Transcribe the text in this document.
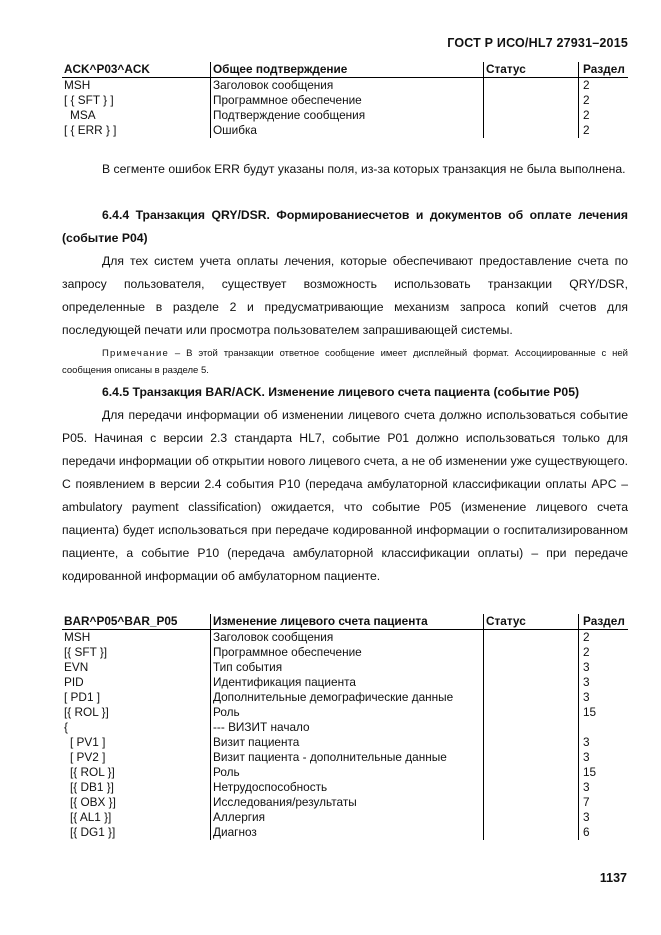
ГОСТ Р ИСО/HL7 27931–2015
ACK^P03^ACK	Общее подтверждение	Статус	Раздел
MSH	Заголовок сообщения		2
[ { SFT } ]	Программное обеспечение		2
MSA	Подтверждение сообщения		2
[ { ERR } ]	Ошибка		2
В сегменте ошибок ERR будут указаны поля, из-за которых транзакция не была выполнена.
6.4.4 Транзакция QRY/DSR. Формированиесчетов и документов об оплате лечения (событие P04)
Для тех систем учета оплаты лечения, которые обеспечивают предоставление счета по запросу пользователя, существует возможность использовать транзакции QRY/DSR, определенные в разделе 2 и предусматривающие механизм запроса копий счетов для последующей печати или просмотра пользователем запрашивающей системы.
Примечание – В этой транзакции ответное сообщение имеет дисплейный формат. Ассоциированные с ней сообщения описаны в разделе 5.
6.4.5 Транзакция BAR/ACK. Изменение лицевого счета пациента (событие P05)
Для передачи информации об изменении лицевого счета должно использоваться событие P05. Начиная с версии 2.3 стандарта HL7, событие P01 должно использоваться только для передачи информации об открытии нового лицевого счета, а не об изменении уже существующего. С появлением в версии 2.4 события P10 (передача амбулаторной классификации оплаты APC – ambulatory payment classification) ожидается, что событие P05 (изменение лицевого счета пациента) будет использоваться при передаче кодированной информации о госпитализированном пациенте, а событие P10 (передача амбулаторной классификации оплаты) – при передаче кодированной информации об амбулаторном пациенте.
BAR^P05^BAR_P05	Изменение лицевого счета пациента	Статус	Раздел
MSH	Заголовок сообщения		2
[{ SFT }]	Программное обеспечение		2
EVN	Тип события		3
PID	Идентификация пациента		3
[ PD1 ]	Дополнительные демографические данные		3
[{ ROL }]	Роль		15
{	--- ВИЗИТ начало		
[ PV1 ]	Визит пациента		3
[ PV2 ]	Визит пациента - дополнительные данные		3
[{ ROL }]	Роль		15
[{ DB1 }]	Нетрудоспособность		3
[{ OBX }]	Исследования/результаты		7
[{ AL1 }]	Аллергия		3
[{ DG1 }]	Диагноз		6
1137
